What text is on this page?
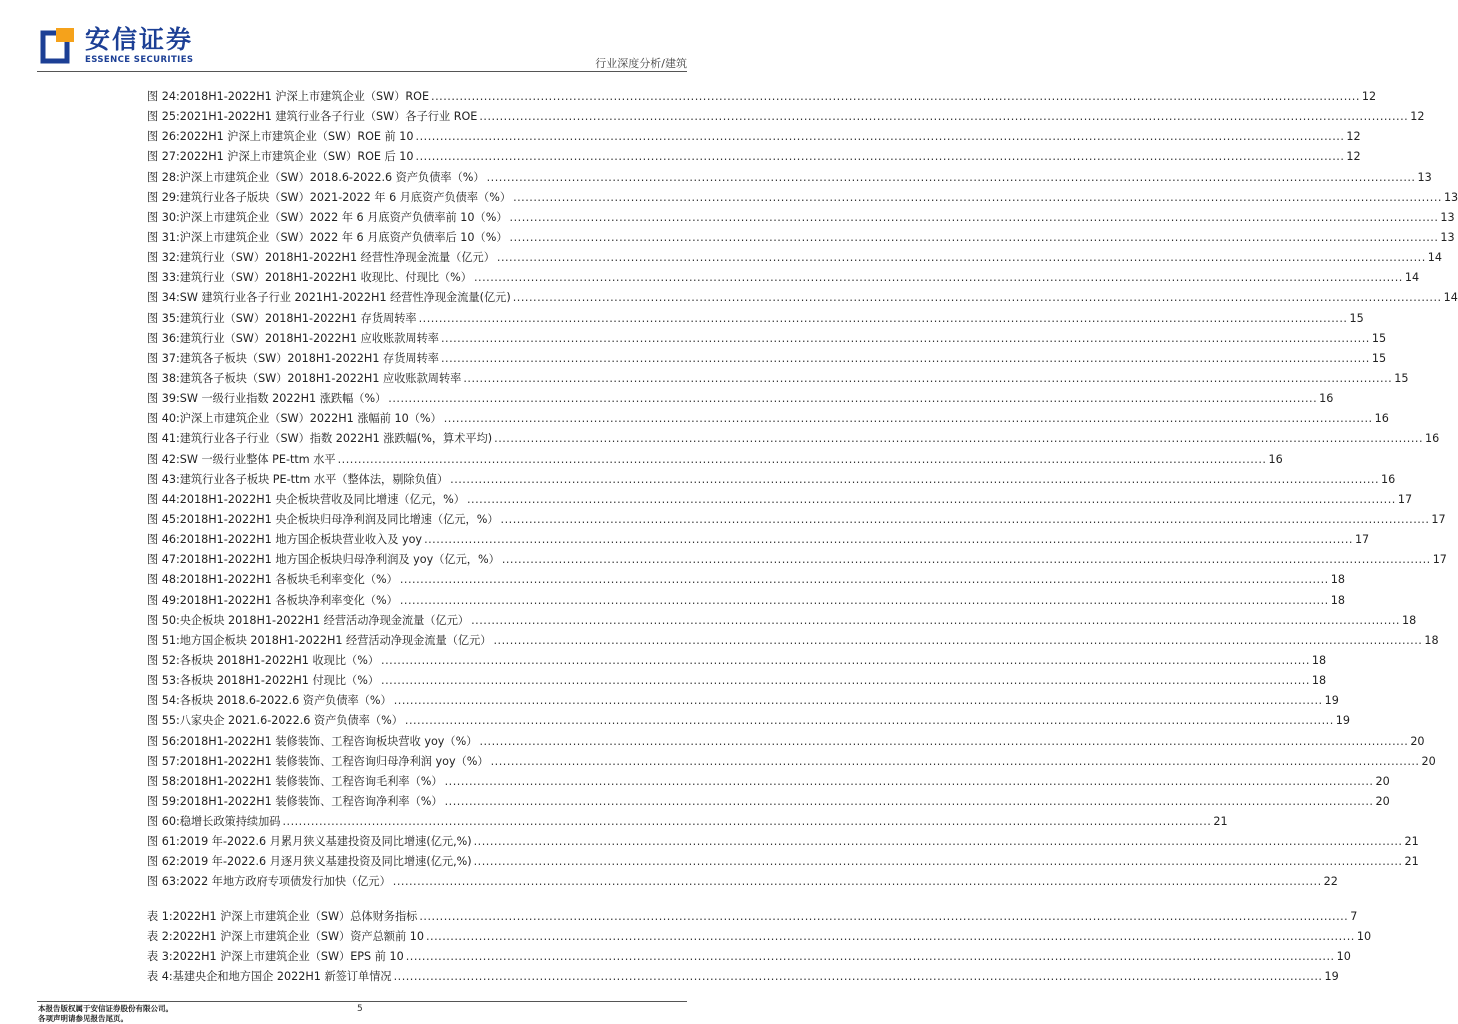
安信证券
ESSENCE SECURITIES	行业深度分析/建筑
图 24: 2018H1-2022H1 沪深上市建筑企业（SW）ROE .....	12
图 25: 2021H1-2022H1 建筑行业各子行业（SW）各子行业 ROE .....	12
图 26: 2022H1 沪深上市建筑企业（SW）ROE 前 10 .....	12
图 27: 2022H1 沪深上市建筑企业（SW）ROE 后 10 .....	12
图 28: 沪深上市建筑企业（SW）2018.6-2022.6 资产负债率（%） .....	13
图 29: 建筑行业各子版块（SW）2021-2022 年 6 月底资产负债率（%） .....	13
图 30: 沪深上市建筑企业（SW）2022 年 6 月底资产负债率前 10（%） .....	13
图 31: 沪深上市建筑企业（SW）2022 年 6 月底资产负债率后 10（%） .....	13
图 32: 建筑行业（SW）2018H1-2022H1 经营性净现金流量（亿元） .....	14
图 33: 建筑行业（SW）2018H1-2022H1 收现比、付现比（%） .....	14
图 34: SW 建筑行业各子行业 2021H1-2022H1 经营性净现金流量(亿元) .....	14
图 35: 建筑行业（SW）2018H1-2022H1 存货周转率 .....	15
图 36: 建筑行业（SW）2018H1-2022H1 应收账款周转率 .....	15
图 37: 建筑各子板块（SW）2018H1-2022H1 存货周转率 .....	15
图 38: 建筑各子板块（SW）2018H1-2022H1 应收账款周转率 .....	15
图 39: SW 一级行业指数 2022H1 涨跌幅（%） .....	16
图 40: 沪深上市建筑企业（SW）2022H1 涨幅前 10（%） .....	16
图 41: 建筑行业各子行业（SW）指数 2022H1 涨跌幅(%，算术平均) .....	16
图 42: SW 一级行业整体 PE-ttm 水平 .....	16
图 43: 建筑行业各子板块 PE-ttm 水平（整体法，剔除负值） .....	16
图 44: 2018H1-2022H1 央企板块营收及同比增速（亿元，%） .....	17
图 45: 2018H1-2022H1 央企板块归母净利润及同比增速（亿元，%） .....	17
图 46: 2018H1-2022H1 地方国企板块营业收入及 yoy .....	17
图 47: 2018H1-2022H1 地方国企板块归母净利润及 yoy（亿元，%） .....	17
图 48: 2018H1-2022H1 各板块毛利率变化（%） .....	18
图 49: 2018H1-2022H1 各板块净利率变化（%） .....	18
图 50: 央企板块 2018H1-2022H1 经营活动净现金流量（亿元） .....	18
图 51: 地方国企板块 2018H1-2022H1 经营活动净现金流量（亿元） .....	18
图 52: 各板块 2018H1-2022H1 收现比（%） .....	18
图 53: 各板块 2018H1-2022H1 付现比（%） .....	18
图 54: 各板块 2018.6-2022.6 资产负债率（%） .....	19
图 55: 八家央企 2021.6-2022.6 资产负债率（%） .....	19
图 56: 2018H1-2022H1 装修装饰、工程咨询板块营收 yoy（%） .....	20
图 57: 2018H1-2022H1 装修装饰、工程咨询归母净利润 yoy（%） .....	20
图 58: 2018H1-2022H1 装修装饰、工程咨询毛利率（%） .....	20
图 59: 2018H1-2022H1 装修装饰、工程咨询净利率（%） .....	20
图 60: 稳增长政策持续加码 .....	21
图 61: 2019 年-2022.6 月累月狭义基建投资及同比增速(亿元,%) .....	21
图 62: 2019 年-2022.6 月逐月狭义基建投资及同比增速(亿元,%) .....	21
图 63: 2022 年地方政府专项债发行加快（亿元） .....	22
表 1: 2022H1 沪深上市建筑企业（SW）总体财务指标 .....	7
表 2: 2022H1 沪深上市建筑企业（SW）资产总额前 10 .....	10
表 3: 2022H1 沪深上市建筑企业（SW）EPS 前 10 .....	10
表 4: 基建央企和地方国企 2022H1 新签订单情况 .....	19
本报告版权属于安信证券股份有限公司。
各项声明请参见报告尾页。
5
